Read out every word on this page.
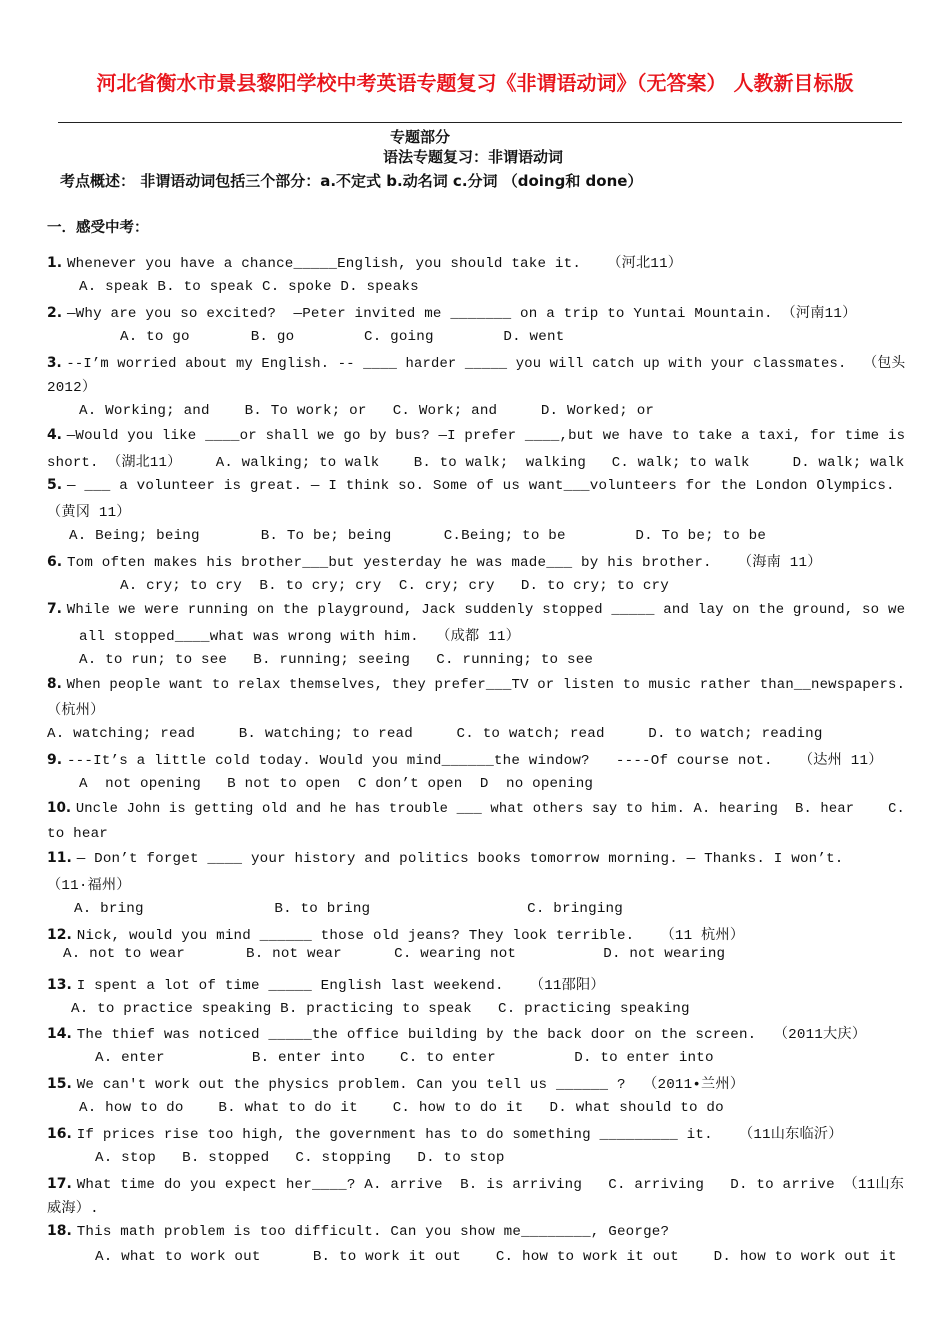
河北省衡水市景县黎阳学校中考英语专题复习《非谓语动词》（无答案） 人教新目标版
专题部分
语法专题复习：非谓语动词
考点概述： 非谓语动词包括三个部分：a.不定式 b.动名词 c.分词 （doing和 done）
一．感受中考：
1. Whenever you have a chance_____English, you should take it.   （河北11）
A. speak B. to speak C. spoke D. speaks
2. —Why are you so excited?  —Peter invited me _______ on a trip to Yuntai Mountain. （河南11）
A. to go       B. go        C. going        D. went
3. --I’m worried about my English. -- ____ harder _____ you will catch up with your classmates.  （包头
2012）
A. Working; and    B. To work; or   C. Work; and     D. Worked; or
4. —Would you like ____or shall we go by bus? —I prefer ____,but we have to take a taxi, for time is
short. （湖北11）    A. walking; to walk    B. to walk;  walking   C. walk; to walk     D. walk; walk
5. — ___ a volunteer is great. — I think so. Some of us want___volunteers for the London Olympics.
（黄冈 11）
A. Being; being       B. To be; being      C.Being; to be        D. To be; to be
6. Tom often makes his brother___but yesterday he was made___ by his brother.   （海南 11）
A. cry; to cry  B. to cry; cry  C. cry; cry   D. to cry; to cry
7. While we were running on the playground, Jack suddenly stopped _____ and lay on the ground, so we
all stopped____what was wrong with him.  （成都 11）
A. to run; to see   B. running; seeing   C. running; to see
8. When people want to relax themselves, they prefer___TV or listen to music rather than__newspapers.
（杭州）
A. watching; read     B. watching; to read     C. to watch; read     D. to watch; reading
9. ---It’s a little cold today. Would you mind______the window?   ----Of course not.   （达州 11）
A  not opening   B not to open  C don’t open  D  no opening
10. Uncle John is getting old and he has trouble ___ what others say to him. A. hearing  B. hear    C.
to hear
11. — Don’t forget ____ your history and politics books tomorrow morning. — Thanks. I won’t.
（11·福州）
A. bring               B. to bring                  C. bringing
12. Nick, would you mind ______ those old jeans? They look terrible.   （11 杭州）
A. not to wear       B. not wear      C. wearing not          D. not wearing
13. I spent a lot of time _____ English last weekend.   （11邵阳）
A. to practice speaking B. practicing to speak   C. practicing speaking
14. The thief was noticed _____the office building by the back door on the screen.  （2011大庆）
A. enter          B. enter into    C. to enter         D. to enter into
15. We can't work out the physics problem. Can you tell us ______ ?  （2011•兰州）
A. how to do    B. what to do it    C. how to do it   D. what should to do
16. If prices rise too high, the government has to do something _________ it.   （11山东临沂）
A. stop   B. stopped   C. stopping   D. to stop
17. What time do you expect her____? A. arrive  B. is arriving   C. arriving   D. to arrive （11山东
威海）.
18. This math problem is too difficult. Can you show me________, George?
A. what to work out      B. to work it out    C. how to work it out    D. how to work out it
